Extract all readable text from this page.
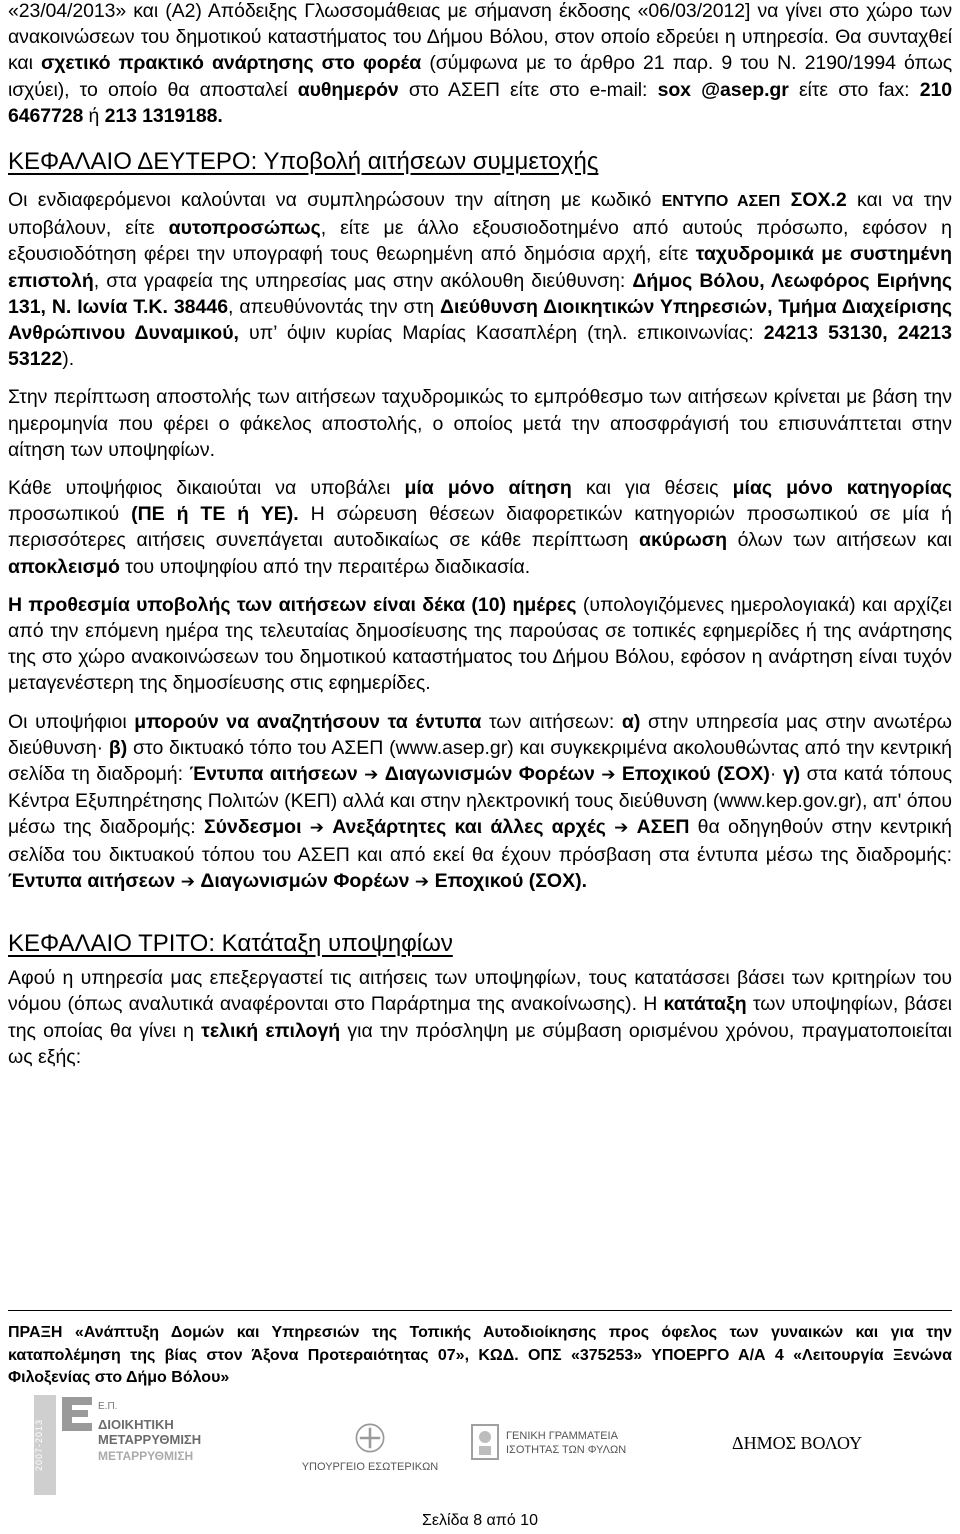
«23/04/2013» και (Α2) Απόδειξης Γλωσσομάθειας με σήμανση έκδοσης «06/03/2012] να γίνει στο χώρο των ανακοινώσεων του δημοτικού καταστήματος του Δήμου Βόλου, στον οποίο εδρεύει η υπηρεσία. Θα συνταχθεί και σχετικό πρακτικό ανάρτησης στο φορέα (σύμφωνα με το άρθρο 21 παρ. 9 του Ν. 2190/1994 όπως ισχύει), το οποίο θα αποσταλεί αυθημερόν στο ΑΣΕΠ είτε στο e-mail: sox @asep.gr είτε στο fax: 210 6467728 ή 213 1319188.

ΚΕΦΑΛΑΙΟ ΔΕΥΤΕΡΟ: Υποβολή αιτήσεων συμμετοχής

Οι ενδιαφερόμενοι καλούνται να συμπληρώσουν την αίτηση με κωδικό ΕΝΤΥΠΟ ΑΣΕΠ ΣΟΧ.2 και να την υποβάλουν, είτε αυτοπροσώπως, είτε με άλλο εξουσιοδοτημένο από αυτούς πρόσωπο, εφόσον η εξουσιοδότηση φέρει την υπογραφή τους θεωρημένη από δημόσια αρχή, είτε ταχυδρομικά με συστημένη επιστολή, στα γραφεία της υπηρεσίας μας στην ακόλουθη διεύθυνση: Δήμος Βόλου, Λεωφόρος Ειρήνης 131, Ν. Ιωνία Τ.Κ. 38446, απευθύνοντάς την στη Διεύθυνση Διοικητικών Υπηρεσιών, Τμήμα Διαχείρισης Ανθρώπινου Δυναμικού, υπ’ όψιν κυρίας Μαρίας Κασαπλέρη (τηλ. επικοινωνίας: 24213 53130, 24213 53122).

Στην περίπτωση αποστολής των αιτήσεων ταχυδρομικώς το εμπρόθεσμο των αιτήσεων κρίνεται με βάση την ημερομηνία που φέρει ο φάκελος αποστολής, ο οποίος μετά την αποσφράγισή του επισυνάπτεται στην αίτηση των υποψηφίων.

Κάθε υποψήφιος δικαιούται να υποβάλει μία μόνο αίτηση και για θέσεις μίας μόνο κατηγορίας προσωπικού (ΠΕ ή ΤΕ ή ΥΕ). Η σώρευση θέσεων διαφορετικών κατηγοριών προσωπικού σε μία ή περισσότερες αιτήσεις συνεπάγεται αυτοδικαίως σε κάθε περίπτωση ακύρωση όλων των αιτήσεων και αποκλεισμό του υποψηφίου από την περαιτέρω διαδικασία.

Η προθεσμία υποβολής των αιτήσεων είναι δέκα (10) ημέρες (υπολογιζόμενες ημερολογιακά) και αρχίζει από την επόμενη ημέρα της τελευταίας δημοσίευσης της παρούσας σε τοπικές εφημερίδες ή της ανάρτησης της στο χώρο ανακοινώσεων του δημοτικού καταστήματος του Δήμου Βόλου, εφόσον η ανάρτηση είναι τυχόν μεταγενέστερη της δημοσίευσης στις εφημερίδες.

Οι υποψήφιοι μπορούν να αναζητήσουν τα έντυπα των αιτήσεων: α) στην υπηρεσία μας στην ανωτέρω διεύθυνση· β) στο δικτυακό τόπο του ΑΣΕΠ (www.asep.gr) και συγκεκριμένα ακολουθώντας από την κεντρική σελίδα τη διαδρομή: Έντυπα αιτήσεων ➔ Διαγωνισμών Φορέων ➔ Εποχικού (ΣΟΧ)· γ) στα κατά τόπους Κέντρα Εξυπηρέτησης Πολιτών (ΚΕΠ) αλλά και στην ηλεκτρονική τους διεύθυνση (www.kep.gov.gr), απ' όπου μέσω της διαδρομής: Σύνδεσμοι ➔ Ανεξάρτητες και άλλες αρχές ➔ ΑΣΕΠ θα οδηγηθούν στην κεντρική σελίδα του δικτυακού τόπου του ΑΣΕΠ και από εκεί θα έχουν πρόσβαση στα έντυπα μέσω της διαδρομής: Έντυπα αιτήσεων ➔ Διαγωνισμών Φορέων ➔ Εποχικού (ΣΟΧ).

ΚΕΦΑΛΑΙΟ ΤΡΙΤΟ: Κατάταξη υποψηφίων

Αφού η υπηρεσία μας επεξεργαστεί τις αιτήσεις των υποψηφίων, τους κατατάσσει βάσει των κριτηρίων του νόμου (όπως αναλυτικά αναφέρονται στο Παράρτημα της ανακοίνωσης). Η κατάταξη των υποψηφίων, βάσει της οποίας θα γίνει η τελική επιλογή για την πρόσληψη με σύμβαση ορισμένου χρόνου, πραγματοποιείται ως εξής:

ΠΡΑΞΗ «Ανάπτυξη Δομών και Υπηρεσιών της Τοπικής Αυτοδιοίκησης προς όφελος των γυναικών και για την καταπολέμηση της βίας στον Άξονα Προτεραιότητας 07», ΚΩΔ. ΟΠΣ «375253» ΥΠΟΕΡΓΟ Α/Α 4 «Λειτουργία Ξενώνα Φιλοξενίας στο Δήμο Βόλου»
2007-2013
Ε.Π.
ΔΙΟΙΚΗΤΙΚΗ ΜΕΤΑΡΡΥΘΜΙΣΗ
ΜΕΤΑΡΡΥΘΜΙΣΗ
ΥΠΟΥΡΓΕΙΟ ΕΣΩΤΕΡΙΚΩΝ
ΓΕΝΙΚΗ ΓΡΑΜΜΑΤΕΙΑ ΙΣΟΤΗΤΑΣ ΤΩΝ ΦΥΛΩΝ	ΔΗΜΟΣ ΒΟΛΟΥ
Σελίδα 8 από 10
